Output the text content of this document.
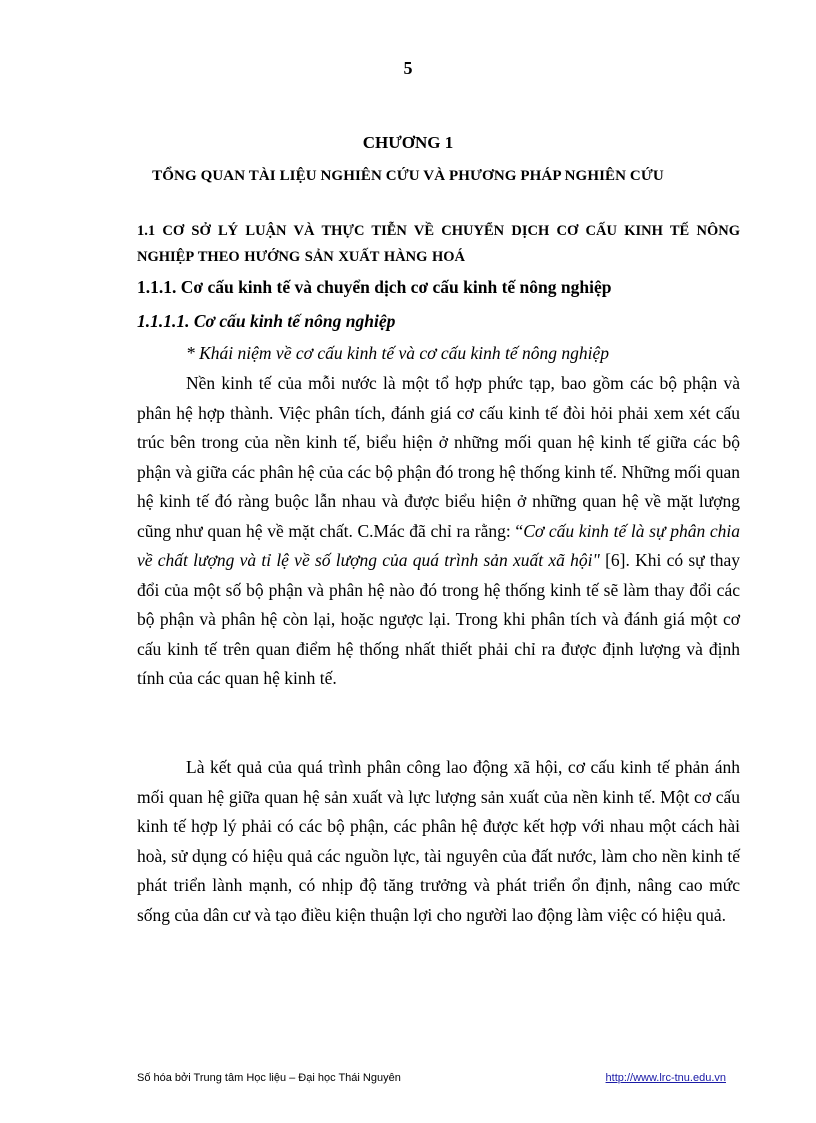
5
CHƯƠNG 1
TỔNG QUAN TÀI LIỆU NGHIÊN CỨU VÀ PHƯƠNG PHÁP NGHIÊN CỨU
1.1 CƠ SỞ LÝ LUẬN VÀ THỰC TIỄN VỀ CHUYỂN DỊCH CƠ CẤU KINH TẾ NÔNG NGHIỆP THEO HƯỚNG SẢN XUẤT HÀNG HOÁ
1.1.1. Cơ cấu kinh tế và chuyển dịch cơ cấu kinh tế nông nghiệp
1.1.1.1. Cơ cấu kinh tế nông nghiệp
* Khái niệm về cơ cấu kinh tế và cơ cấu kinh tế nông nghiệp

Nền kinh tế của mỗi nước là một tổ hợp phức tạp, bao gồm các bộ phận và phân hệ hợp thành. Việc phân tích, đánh giá cơ cấu kinh tế đòi hỏi phải xem xét cấu trúc bên trong của nền kinh tế, biểu hiện ở những mối quan hệ kinh tế giữa các bộ phận và giữa các phân hệ của các bộ phận đó trong hệ thống kinh tế. Những mối quan hệ kinh tế đó ràng buộc lẫn nhau và được biểu hiện ở những quan hệ về mặt lượng cũng như quan hệ về mặt chất. C.Mác đã chỉ ra rằng: “Cơ cấu kinh tế là sự phân chia về chất lượng và tỉ lệ về số lượng của quá trình sản xuất xã hội" [6]. Khi có sự thay đổi của một số bộ phận và phân hệ nào đó trong hệ thống kinh tế sẽ làm thay đổi các bộ phận và phân hệ còn lại, hoặc ngược lại. Trong khi phân tích và đánh giá một cơ cấu kinh tế trên quan điểm hệ thống nhất thiết phải chỉ ra được định lượng và định tính của các quan hệ kinh tế.

Là kết quả của quá trình phân công lao động xã hội, cơ cấu kinh tế phản ánh mối quan hệ giữa quan hệ sản xuất và lực lượng sản xuất của nền kinh tế. Một cơ cấu kinh tế hợp lý phải có các bộ phận, các phân hệ được kết hợp với nhau một cách hài hoà, sử dụng có hiệu quả các nguồn lực, tài nguyên của đất nước, làm cho nền kinh tế phát triển lành mạnh, có nhịp độ tăng trưởng và phát triển ổn định, nâng cao mức sống của dân cư và tạo điều kiện thuận lợi cho người lao động làm việc có hiệu quả.

Số hóa bởi Trung tâm Học liệu – Đại học Thái Nguyên	http://www.lrc-tnu.edu.vn
